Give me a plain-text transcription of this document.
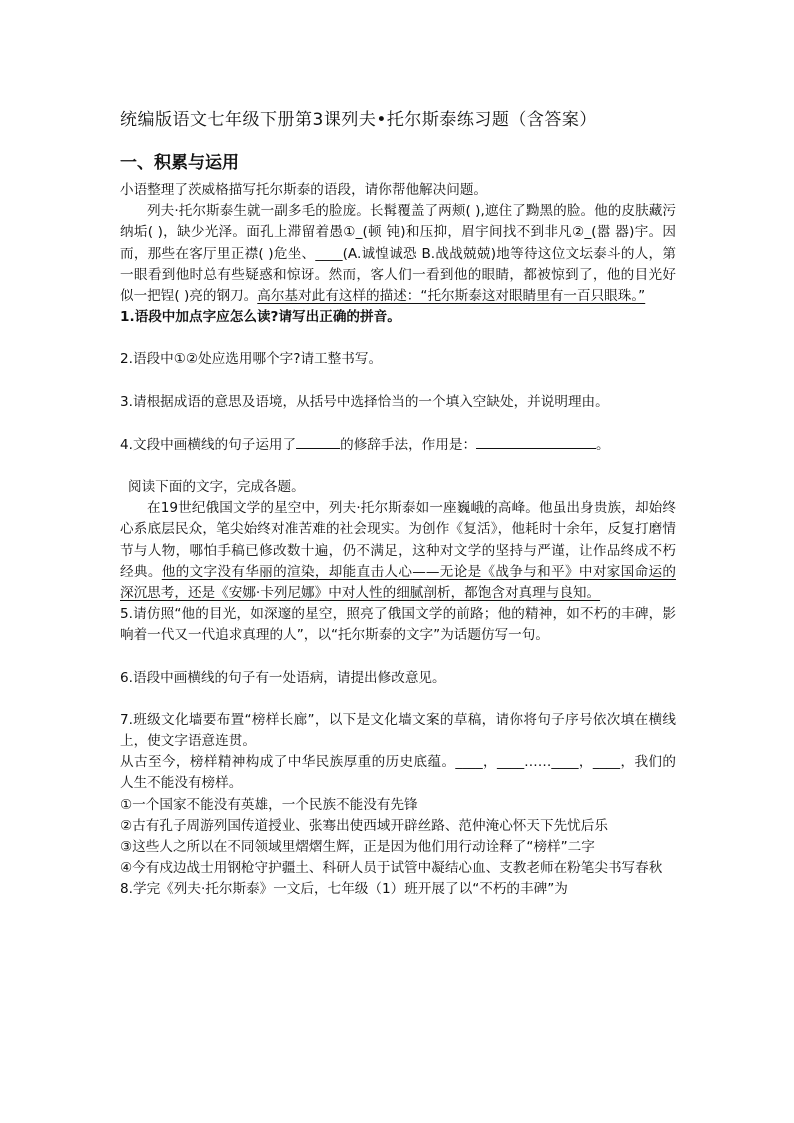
统编版语文七年级下册第3课列夫•托尔斯泰练习题（含答案）
一、积累与运用

小语整理了茨威格描写托尔斯泰的语段，请你帮他解决问题。

列夫·托尔斯泰生就一副多毛的脸庞。长髯覆盖了两颊( ),遮住了黝黑的脸。他的皮肤藏污纳垢( )，缺少光泽。面孔上滞留着愚①_(顿 钝)和压抑，眉宇间找不到非凡②_(嚣 器)宇。因而，那些在客厅里正襟( )危坐、____(A.诚惶诚恐 B.战战兢兢)地等待这位文坛泰斗的人，第一眼看到他时总有些疑惑和惊讶。然而，客人们一看到他的眼睛，都被惊到了，他的目光好似一把锃( )亮的钢刀。高尔基对此有这样的描述：“托尔斯泰这对眼睛里有一百只眼珠。”

1.语段中加点字应怎么读?请写出正确的拼音。

2.语段中①②处应选用哪个字?请工整书写。

3.请根据成语的意思及语境，从括号中选择恰当的一个填入空缺处，并说明理由。

4.文段中画横线的句子运用了	的修辞手法，作用是：	。

阅读下面的文字，完成各题。

在19世纪俄国文学的星空中，列夫·托尔斯泰如一座巍峨的高峰。他虽出身贵族，却始终心系底层民众，笔尖始终对准苦难的社会现实。为创作《复活》，他耗时十余年，反复打磨情节与人物，哪怕手稿已修改数十遍，仍不满足，这种对文学的坚持与严谨，让作品终成不朽经典。他的文字没有华丽的渲染，却能直击人心——无论是《战争与和平》中对家国命运的深沉思考，还是《安娜·卡列尼娜》中对人性的细腻剖析，都饱含对真理与良知。

5.请仿照“他的目光，如深邃的星空，照亮了俄国文学的前路；他的精神，如不朽的丰碑，影响着一代又一代追求真理的人”，以“托尔斯泰的文字”为话题仿写一句。

6.语段中画横线的句子有一处语病，请提出修改意见。

7.班级文化墙要布置“榜样长廊”，以下是文化墙文案的草稿，请你将句子序号依次填在横线上，使文字语意连贯。

从古至今，榜样精神构成了中华民族厚重的历史底蕴。____，____……____，____，我们的人生不能没有榜样。

①一个国家不能没有英雄，一个民族不能没有先锋

②古有孔子周游列国传道授业、张骞出使西域开辟丝路、范仲淹心怀天下先忧后乐

③这些人之所以在不同领域里熠熠生辉，正是因为他们用行动诠释了“榜样”二字

④今有戍边战士用钢枪守护疆土、科研人员于试管中凝结心血、支教老师在粉笔尖书写春秋

8.学完《列夫·托尔斯泰》一文后，七年级（1）班开展了以“不朽的丰碑”为
